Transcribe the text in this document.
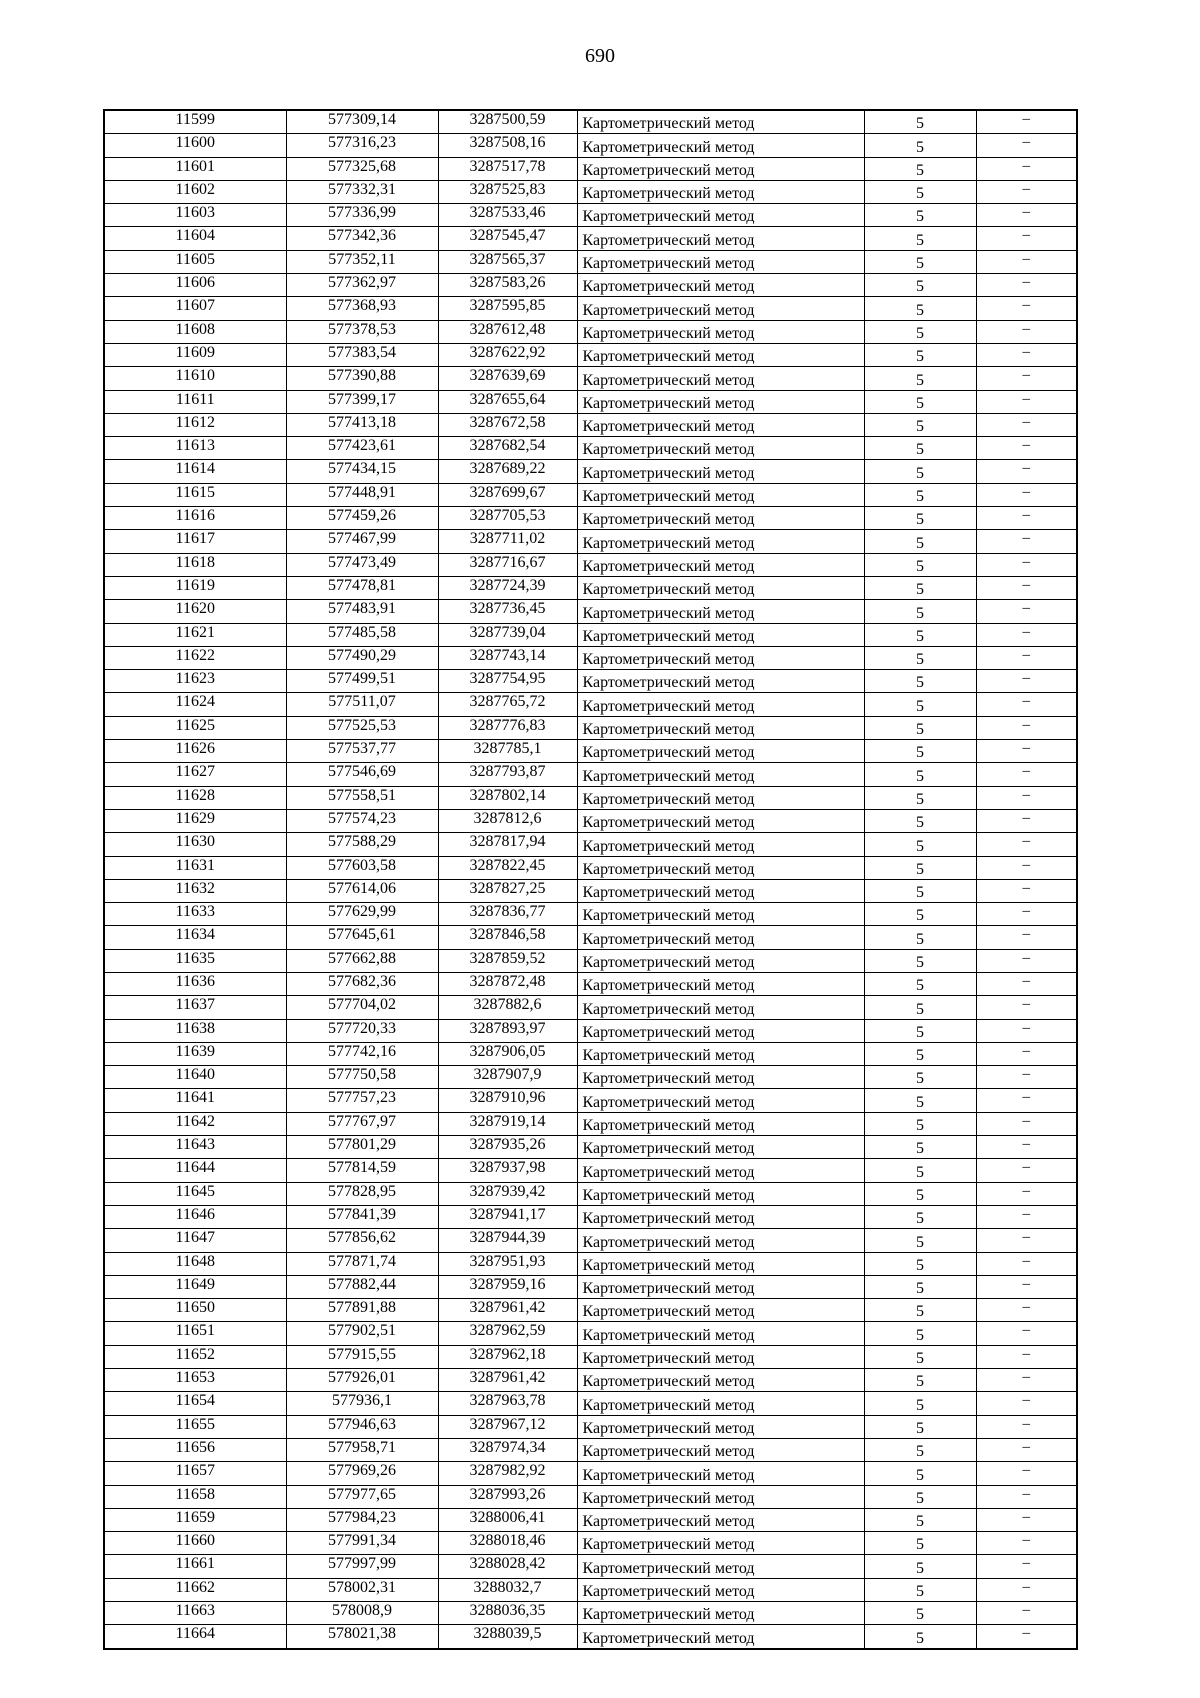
690
11599	577309,14	3287500,59	Картометрический метод	5	–
11600	577316,23	3287508,16	Картометрический метод	5	–
11601	577325,68	3287517,78	Картометрический метод	5	–
11602	577332,31	3287525,83	Картометрический метод	5	–
11603	577336,99	3287533,46	Картометрический метод	5	–
11604	577342,36	3287545,47	Картометрический метод	5	–
11605	577352,11	3287565,37	Картометрический метод	5	–
11606	577362,97	3287583,26	Картометрический метод	5	–
11607	577368,93	3287595,85	Картометрический метод	5	–
11608	577378,53	3287612,48	Картометрический метод	5	–
11609	577383,54	3287622,92	Картометрический метод	5	–
11610	577390,88	3287639,69	Картометрический метод	5	–
11611	577399,17	3287655,64	Картометрический метод	5	–
11612	577413,18	3287672,58	Картометрический метод	5	–
11613	577423,61	3287682,54	Картометрический метод	5	–
11614	577434,15	3287689,22	Картометрический метод	5	–
11615	577448,91	3287699,67	Картометрический метод	5	–
11616	577459,26	3287705,53	Картометрический метод	5	–
11617	577467,99	3287711,02	Картометрический метод	5	–
11618	577473,49	3287716,67	Картометрический метод	5	–
11619	577478,81	3287724,39	Картометрический метод	5	–
11620	577483,91	3287736,45	Картометрический метод	5	–
11621	577485,58	3287739,04	Картометрический метод	5	–
11622	577490,29	3287743,14	Картометрический метод	5	–
11623	577499,51	3287754,95	Картометрический метод	5	–
11624	577511,07	3287765,72	Картометрический метод	5	–
11625	577525,53	3287776,83	Картометрический метод	5	–
11626	577537,77	3287785,1	Картометрический метод	5	–
11627	577546,69	3287793,87	Картометрический метод	5	–
11628	577558,51	3287802,14	Картометрический метод	5	–
11629	577574,23	3287812,6	Картометрический метод	5	–
11630	577588,29	3287817,94	Картометрический метод	5	–
11631	577603,58	3287822,45	Картометрический метод	5	–
11632	577614,06	3287827,25	Картометрический метод	5	–
11633	577629,99	3287836,77	Картометрический метод	5	–
11634	577645,61	3287846,58	Картометрический метод	5	–
11635	577662,88	3287859,52	Картометрический метод	5	–
11636	577682,36	3287872,48	Картометрический метод	5	–
11637	577704,02	3287882,6	Картометрический метод	5	–
11638	577720,33	3287893,97	Картометрический метод	5	–
11639	577742,16	3287906,05	Картометрический метод	5	–
11640	577750,58	3287907,9	Картометрический метод	5	–
11641	577757,23	3287910,96	Картометрический метод	5	–
11642	577767,97	3287919,14	Картометрический метод	5	–
11643	577801,29	3287935,26	Картометрический метод	5	–
11644	577814,59	3287937,98	Картометрический метод	5	–
11645	577828,95	3287939,42	Картометрический метод	5	–
11646	577841,39	3287941,17	Картометрический метод	5	–
11647	577856,62	3287944,39	Картометрический метод	5	–
11648	577871,74	3287951,93	Картометрический метод	5	–
11649	577882,44	3287959,16	Картометрический метод	5	–
11650	577891,88	3287961,42	Картометрический метод	5	–
11651	577902,51	3287962,59	Картометрический метод	5	–
11652	577915,55	3287962,18	Картометрический метод	5	–
11653	577926,01	3287961,42	Картометрический метод	5	–
11654	577936,1	3287963,78	Картометрический метод	5	–
11655	577946,63	3287967,12	Картометрический метод	5	–
11656	577958,71	3287974,34	Картометрический метод	5	–
11657	577969,26	3287982,92	Картометрический метод	5	–
11658	577977,65	3287993,26	Картометрический метод	5	–
11659	577984,23	3288006,41	Картометрический метод	5	–
11660	577991,34	3288018,46	Картометрический метод	5	–
11661	577997,99	3288028,42	Картометрический метод	5	–
11662	578002,31	3288032,7	Картометрический метод	5	–
11663	578008,9	3288036,35	Картометрический метод	5	–
11664	578021,38	3288039,5	Картометрический метод	5	–
